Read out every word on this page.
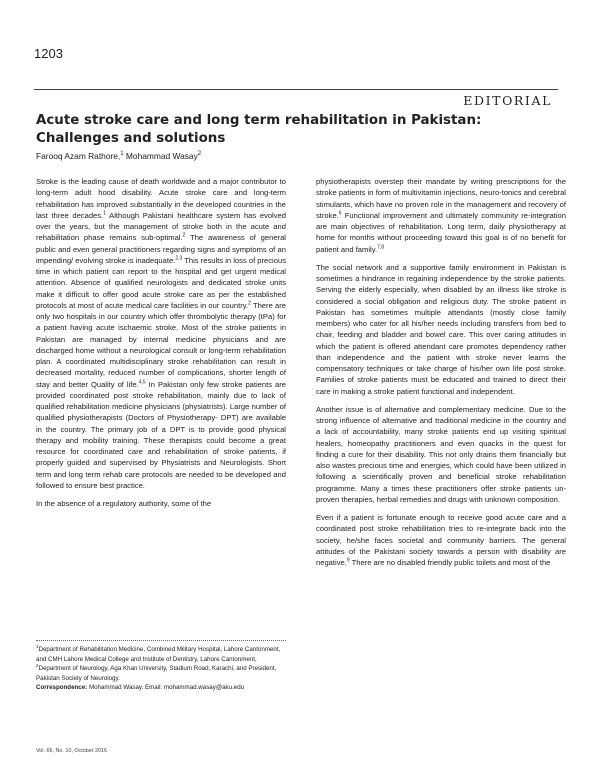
1203
EDITORIAL
Acute stroke care and long term rehabilitation in Pakistan: Challenges and solutions
Farooq Azam Rathore,$^1$ Mohammad Wasay$^2$

Stroke is the leading cause of death worldwide and a major contributor to long-term adult hood disability. Acute stroke care and long-term rehabilitation has improved substantially in the developed countries in the last three decades.$^1$ Although Pakistani healthcare system has evolved over the years, but the management of stroke both in the acute and rehabilitation phase remains sub-optimal.$^2$ The awareness of general public and even general practitioners regarding signs and symptoms of an impending/ evolving stroke is inadequate.$^{2,3}$ This results in loss of precious time in which patient can report to the hospital and get urgent medical attention. Absence of qualified neurologists and dedicated stroke units make it difficult to offer good acute stroke care as per the established protocols at most of acute medical care facilities in our country.$^2$ There are only two hospitals in our country which offer thrombolytic therapy (tPa) for a patient having acute ischaemic stroke. Most of the stroke patients in Pakistan are managed by internal medicine physicians and are discharged home without a neurological consult or long-term rehabilitation plan. A coordinated multidisciplinary stroke rehabilitation can result in decreased mortality, reduced number of complications, shorter length of stay and better Quality of life.$^{4,5}$ In Pakistan only few stroke patients are provided coordinated post stroke rehabilitation, mainly due to lack of qualified rehabilitation medicine physicians (physiatrists). Large number of qualified physiotherapists (Doctors of Physiotherapy- DPT) are available in the country. The primary job of a DPT is to provide good physical therapy and mobility training. These therapists could become a great resource for coordinated care and rehabilitation of stroke patients, if properly guided and supervised by Physiatrists and Neurologists. Short term and long term rehab care protocols are needed to be developed and followed to ensure best practice.

In the absence of a regulatory authority, some of the

physiotherapists overstep their mandate by writing prescriptions for the stroke patients in form of multivitamin injections, neuro-tonics and cerebral stimulants, which have no proven role in the management and recovery of stroke.$^6$ Functional improvement and ultimately community re-integration are main objectives of rehabilitation. Long term, daily physiotherapy at home for months without proceeding toward this goal is of no benefit for patient and family.$^{7,8}$

The social network and a supportive family environment in Pakistan is sometimes a hindrance in regaining independence by the stroke patients. Serving the elderly especially, when disabled by an illness like stroke is considered a social obligation and religious duty. The stroke patient in Pakistan has sometimes multiple attendants (mostly close family members) who cater for all his/her needs including transfers from bed to chair, feeding and bladder and bowel care. This over caring attitudes in which the patient is offered attendant care promotes dependency rather than independence and the patient with stroke never learns the compensatory techniques or take charge of his/her own life post stroke. Families of stroke patients must be educated and trained to direct their care in making a stroke patient functional and independent.

Another issue is of alternative and complementary medicine. Due to the strong influence of alternative and traditional medicine in the country and a lack of accountability, many stroke patients end up visiting spiritual healers, homeopathy practitioners and even quacks in the quest for finding a cure for their disability. This not only drains them financially but also wastes precious time and energies, which could have been utilized in following a scientifically proven and beneficial stroke rehabilitation programme. Many a times these practitioners offer stroke patients un-proven therapies, herbal remedies and drugs with unknown composition.

Even if a patient is fortunate enough to receive good acute care and a coordinated post stroke rehabilitation tries to re-integrate back into the society, he/she faces societal and community barriers. The general attitudes of the Pakistani society towards a person with disability are negative.$^9$ There are no disabled friendly public toilets and most of the

$^1$Department of Rehabilitation Medicine, Combined Military Hospital, Lahore Cantonment, and CMH Lahore Medical College and Institute of Dentistry, Lahore Cantonment, $^2$Department of Neurology, Aga Khan University, Stadium Road, Karachi, and President, Pakistan Society of Neurology.

Correspondence: Mohammad Wasay. Email: mohammad.wasay@aku.edu

Vol. 66, No. 10, October 2016
